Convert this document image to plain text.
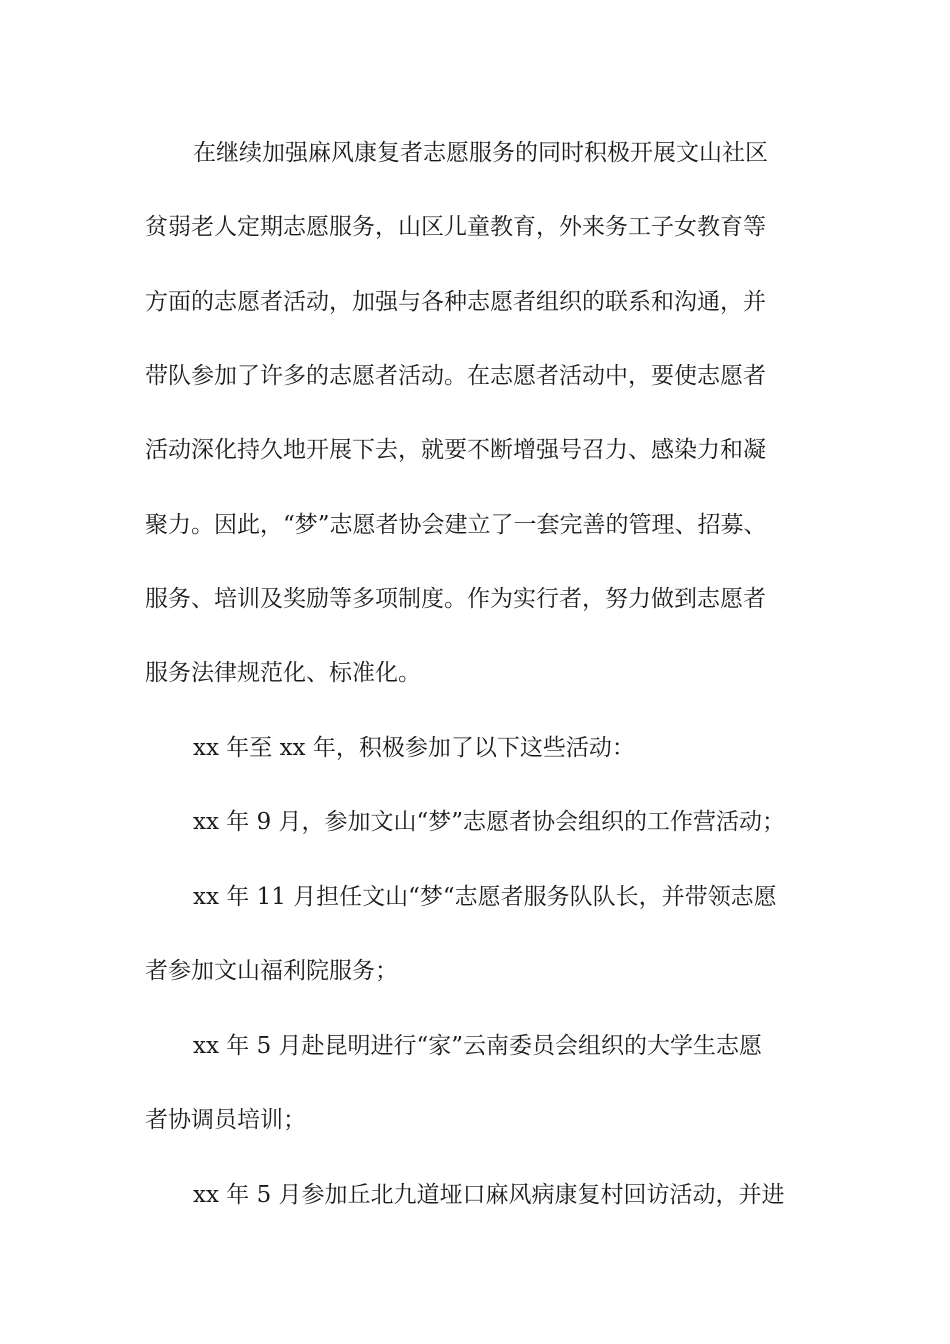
在继续加强麻风康复者志愿服务的同时积极开展文山社区
贫弱老人定期志愿服务，山区儿童教育，外来务工子女教育等
方面的志愿者活动，加强与各种志愿者组织的联系和沟通，并
带队参加了许多的志愿者活动。在志愿者活动中，要使志愿者
活动深化持久地开展下去，就要不断增强号召力、感染力和凝
聚力。因此，“梦”志愿者协会建立了一套完善的管理、招募、
服务、培训及奖励等多项制度。作为实行者，努力做到志愿者
服务法律规范化、标准化。
xx 年至 xx 年，积极参加了以下这些活动：
xx 年 9 月，参加文山“梦”志愿者协会组织的工作营活动；
xx 年 11 月担任文山“梦“志愿者服务队队长，并带领志愿
者参加文山福利院服务；
xx 年 5 月赴昆明进行“家”云南委员会组织的大学生志愿
者协调员培训；
xx 年 5 月参加丘北九道垭口麻风病康复村回访活动，并进
